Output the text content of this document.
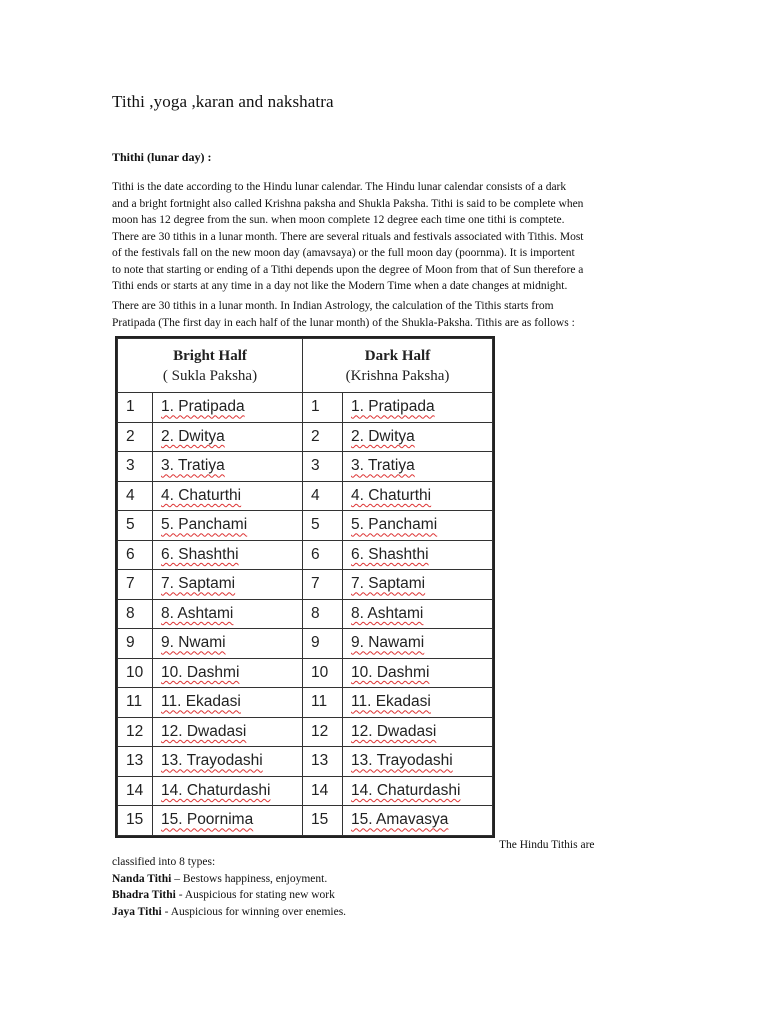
Tithi ,yoga ,karan and nakshatra
Thithi (lunar day) :

Tithi is the date according to the Hindu lunar calendar. The Hindu lunar calendar consists of a dark
and a bright fortnight also called Krishna paksha and Shukla Paksha. Tithi is said to be complete when
moon has 12 degree from the sun. when moon complete 12 degree each time one tithi is comptete.
There are 30 tithis in a lunar month. There are several rituals and festivals associated with Tithis. Most
of the festivals fall on the new moon day (amavsaya) or the full moon day (poornma). It is importent
to note that starting or ending of a Tithi depends upon the degree of Moon from that of Sun therefore a
Tithi ends or starts at any time in a day not like the Modern Time when a date changes at midnight.

There are 30 tithis in a lunar month. In Indian Astrology, the calculation of the Tithis starts from
Pratipada (The first day in each half of the lunar month) of the Shukla-Paksha. Tithis are as follows :

Bright Half
( Sukla Paksha)		Dark Half
(Krishna Paksha)	

1	1. Pratipada	1	1. Pratipada
2	2. Dwitya	2	2. Dwitya
3	3. Tratiya	3	3. Tratiya
4	4. Chaturthi	4	4. Chaturthi
5	5. Panchami	5	5. Panchami
6	6. Shashthi	6	6. Shashthi
7	7. Saptami	7	7. Saptami
8	8. Ashtami	8	8. Ashtami
9	9. Nwami	9	9. Nawami
10	10. Dashmi	10	10. Dashmi
11	11. Ekadasi	11	11. Ekadasi
12	12. Dwadasi	12	12. Dwadasi
13	13. Trayodashi	13	13. Trayodashi
14	14. Chaturdashi	14	14. Chaturdashi
15	15. Poornima	15	15. Amavasya

The Hindu Tithis are

classified into 8 types:
Nanda Tithi – Bestows happiness, enjoyment.
Bhadra Tithi - Auspicious for stating new work
Jaya Tithi - Auspicious for winning over enemies.
